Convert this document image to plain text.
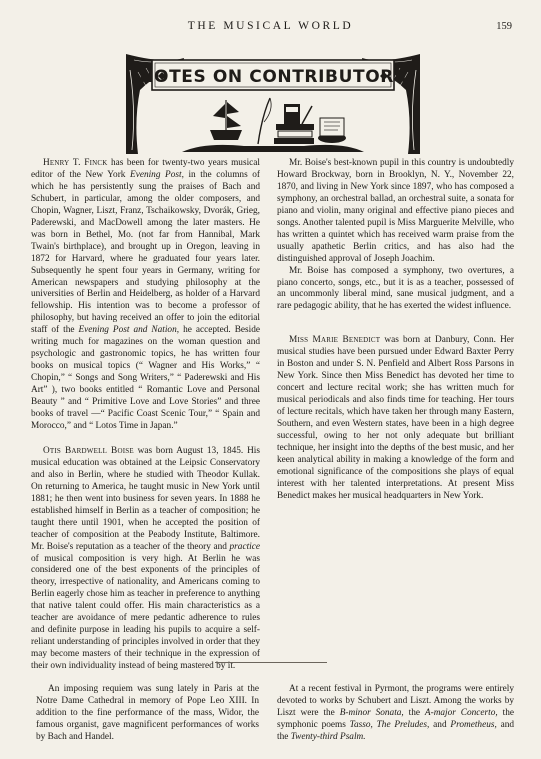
THE MUSICAL WORLD	159
NOTES ON CONTRIBUTORS

Henry T. Finck has been for twenty-two years musical editor of the New York Evening Post, in the columns of which he has persistently sung the praises of Bach and Schubert, in particular, among the older composers, and Chopin, Wagner, Liszt, Franz, Tschaikowsky, Dvorák, Grieg, Paderewski, and MacDowell among the later masters. He was born in Bethel, Mo. (not far from Hannibal, Mark Twain's birthplace), and brought up in Oregon, leaving in 1872 for Harvard, where he graduated four years later. Subsequently he spent four years in Germany, writing for American newspapers and studying philosophy at the universities of Berlin and Heidelberg, as holder of a Harvard fellowship. His intention was to become a professor of philosophy, but having received an offer to join the editorial staff of the Evening Post and Nation, he accepted. Beside writing much for magazines on the woman question and psychologic and gastronomic topics, he has written four books on musical topics (“ Wagner and His Works,” “ Chopin,” “ Songs and Song Writers,” “ Paderewski and His Art” ), two books entitled “ Romantic Love and Personal Beauty ” and “ Primitive Love and Love Stories” and three books of travel —“ Pacific Coast Scenic Tour,” “ Spain and Morocco,” and “ Lotos Time in Japan.”

Otis Bardwell Boise was born August 13, 1845. His musical education was obtained at the Leipsic Conservatory and also in Berlin, where he studied with Theodor Kullak. On returning to America, he taught music in New York until 1881; he then went into business for seven years. In 1888 he established himself in Berlin as a teacher of composition; he taught there until 1901, when he accepted the position of teacher of composition at the Peabody Institute, Baltimore. Mr. Boise's reputation as a teacher of the theory and practice of musical composition is very high. At Berlin he was considered one of the best exponents of the principles of theory, irrespective of nationality, and Americans coming to Berlin eagerly chose him as teacher in preference to anything that native talent could offer. His main characteristics as a teacher are avoidance of mere pedantic adherence to rules and definite purpose in leading his pupils to acquire a self-reliant understanding of principles involved in order that they may become masters of their technique in the expression of their own individuality instead of being mastered by it.

Mr. Boise's best-known pupil in this country is undoubtedly Howard Brockway, born in Brooklyn, N. Y., November 22, 1870, and living in New York since 1897, who has composed a symphony, an orchestral ballad, an orchestral suite, a sonata for piano and violin, many original and effective piano pieces and songs. Another talented pupil is Miss Marguerite Melville, who has written a quintet which has received warm praise from the usually apathetic Berlin critics, and has also had the distinguished approval of Joseph Joachim.

Mr. Boise has composed a symphony, two overtures, a piano concerto, songs, etc., but it is as a teacher, possessed of an uncommonly liberal mind, sane musical judgment, and a rare pedagogic ability, that he has exerted the widest influence.

Miss Marie Benedict was born at Danbury, Conn. Her musical studies have been pursued under Edward Baxter Perry in Boston and under S. N. Penfield and Albert Ross Parsons in New York. Since then Miss Benedict has devoted her time to concert and lecture recital work; she has written much for musical periodicals and also finds time for teaching. Her tours of lecture recitals, which have taken her through many Eastern, Southern, and even Western states, have been in a high degree successful, owing to her not only adequate but brilliant technique, her insight into the depths of the best music, and her keen analytical ability in making a knowledge of the form and emotional significance of the compositions she plays of equal interest with her talented interpretations. At present Miss Benedict makes her musical headquarters in New York.

An imposing requiem was sung lately in Paris at the Notre Dame Cathedral in memory of Pope Leo XIII. In addition to the fine performance of the mass, Widor, the famous organist, gave magnificent performances of works by Bach and Handel.

At a recent festival in Pyrmont, the programs were entirely devoted to works by Schubert and Liszt. Among the works by Liszt were the B-minor Sonata, the A-major Concerto, the symphonic poems Tasso, The Preludes, and Prometheus, and the Twenty-third Psalm.
